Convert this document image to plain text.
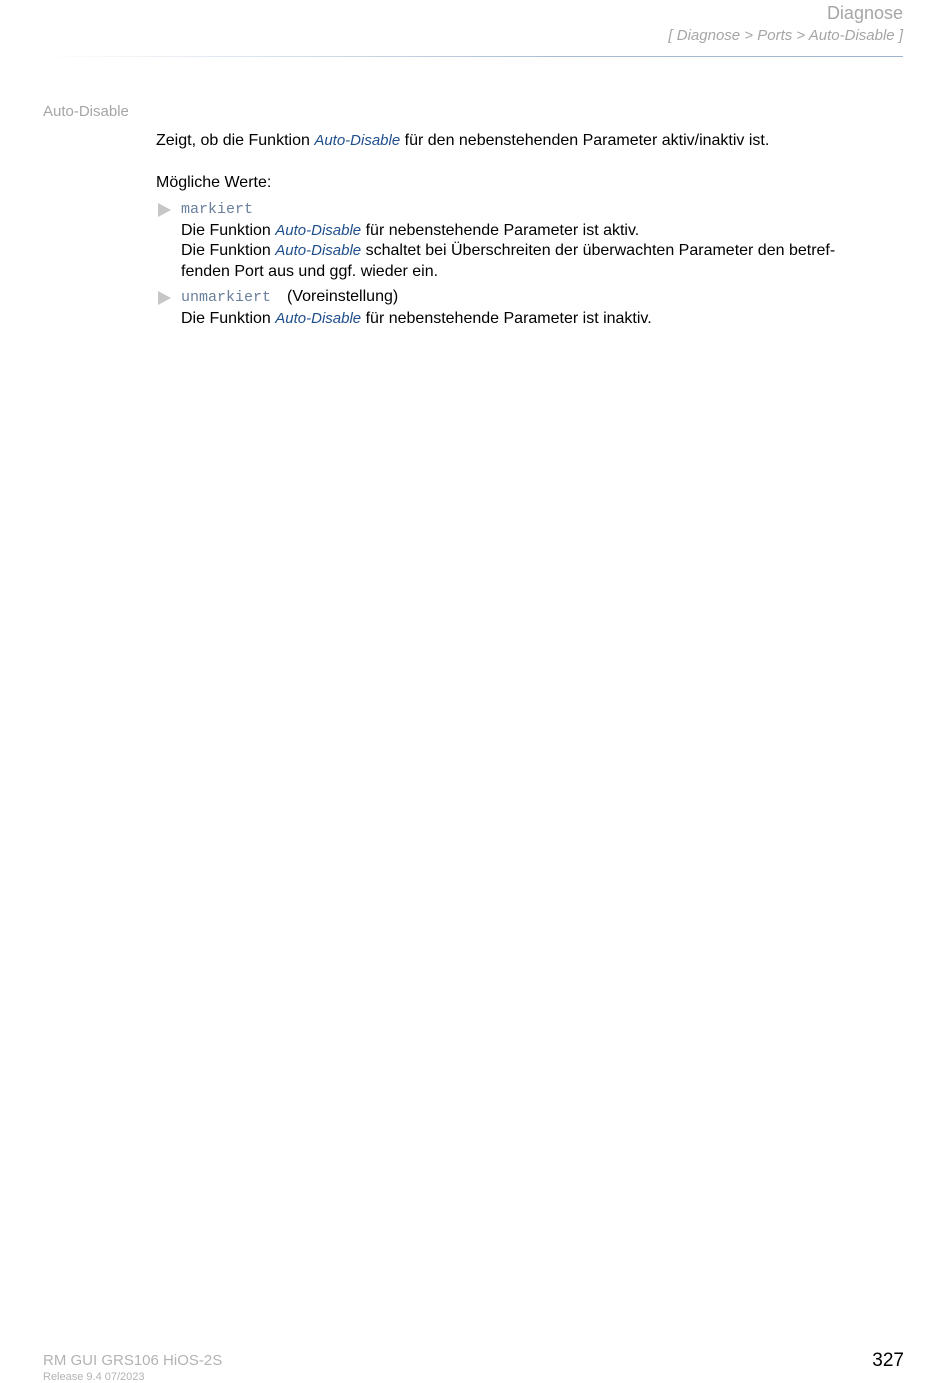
Diagnose
[ Diagnose > Ports > Auto-Disable ]
Auto-Disable

Zeigt, ob die Funktion Auto-Disable für den nebenstehenden Parameter aktiv/inaktiv ist.

Mögliche Werte:

markiert
Die Funktion Auto-Disable für nebenstehende Parameter ist aktiv.
Die Funktion Auto-Disable schaltet bei Überschreiten der überwachten Parameter den betref-
fenden Port aus und ggf. wieder ein.
unmarkiert (Voreinstellung)
Die Funktion Auto-Disable für nebenstehende Parameter ist inaktiv.
RM GUI GRS106 HiOS-2S
Release 9.4 07/2023
327
